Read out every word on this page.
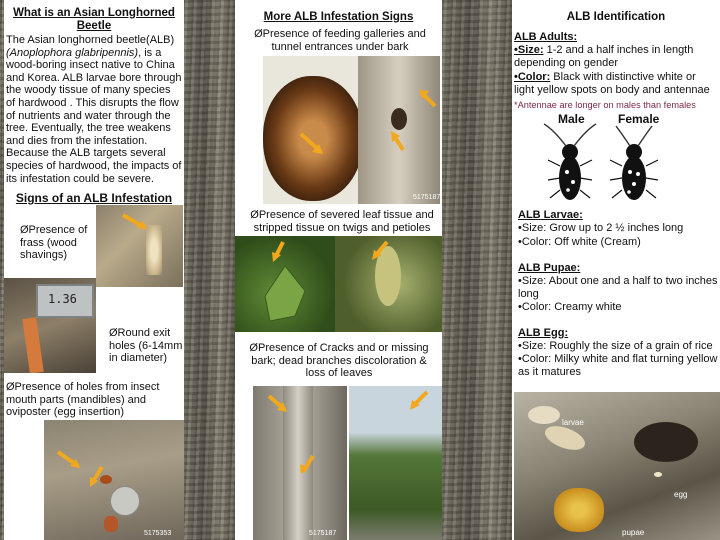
What is an Asian Longhorned Beetle
The Asian longhorned beetle(ALB) (Anoplophora glabripennis), is a wood-boring insect native to China and Korea. ALB larvae bore through the woody tissue of many species of hardwood . This disrupts the flow of nutrients and water through the tree. Eventually, the tree weakens and dies from the infestation. Because the ALB targets several species of hardwood, the impacts of its infestation could be severe.
Signs of an ALB Infestation
ØPresence of frass (wood shavings)
1.36
ØRound exit holes (6-14mm in diameter)
ØPresence of holes from insect mouth parts (mandibles) and oviposter (egg insertion)
5175353
More ALB Infestation Signs
ØPresence of feeding galleries and tunnel entrances under bark
5175187
ØPresence of severed leaf tissue and stripped tissue on twigs and petioles
ØPresence of Cracks and or missing bark; dead branches discoloration & loss of leaves
5175187
ALB Identification
ALB Adults:
•Size: 1-2 and a half inches in length depending on gender
•Color: Black with distinctive white or light yellow spots on body and antennae
*Antennae are longer on males than females
Male	Female
ALB Larvae:
•Size: Grow up to 2 ½ inches long
•Color: Off white (Cream)
ALB Pupae:
•Size: About one and a half to two inches long
•Color: Creamy white
ALB Egg:
•Size: Roughly the size of a grain of rice
•Color: Milky white and flat turning yellow as it matures
larvae
egg
pupae
